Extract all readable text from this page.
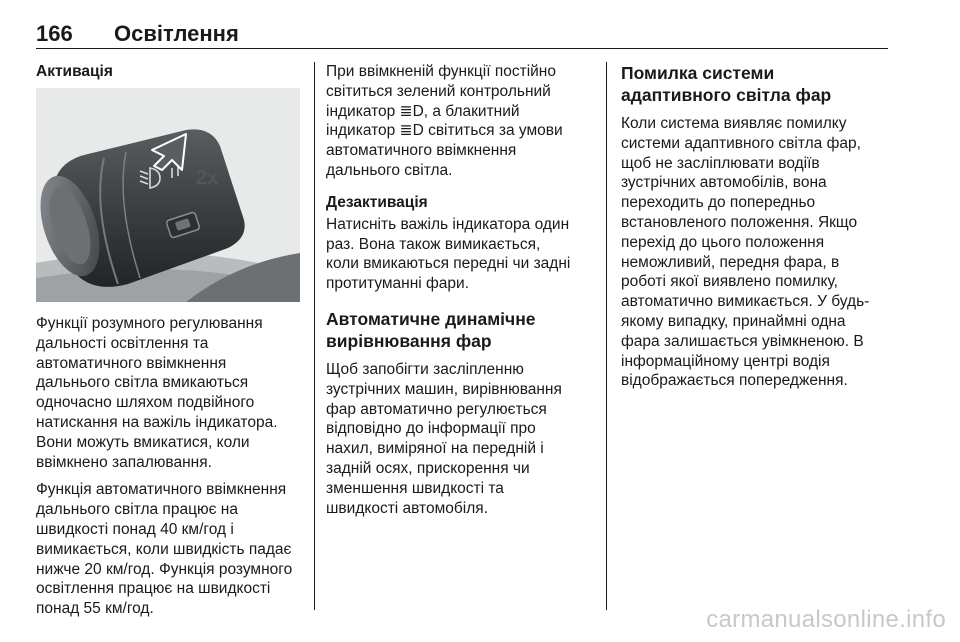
166 Освітлення
Активація
2x

Функції розумного регулювання дальності освітлення та автоматичного ввімкнення дальнього світла вмикаються одночасно шляхом подвійного натискання на важіль індикатора. Вони можуть вмикатися, коли ввімкнено запалювання.

Функція автоматичного ввімкнення дальнього світла працює на швидкості понад 40 км/год і вимикається, коли швидкість падає нижче 20 км/год. Функція розумного освітлення працює на швидкості понад 55 км/год.

При ввімкненій функції постійно світиться зелений контрольний індикатор ≣D, а блакитний індикатор ≣D світиться за умови автоматичного ввімкнення дальнього світла.

Дезактивація

Натисніть важіль індикатора один раз. Вона також вимикається, коли вмикаються передні чи задні протитуманні фари.

Автоматичне динамічне вирівнювання фар

Щоб запобігти засліпленню зустрічних машин, вирівнювання фар автоматично регулюється відповідно до інформації про нахил, виміряної на передній і задній осях, прискорення чи зменшення швидкості та швидкості автомобіля.

Помилка системи адаптивного світла фар

Коли система виявляє помилку системи адаптивного світла фар, щоб не засліплювати водіїв зустрічних автомобілів, вона переходить до попередньо встановленого положення. Якщо перехід до цього положення неможливий, передня фара, в роботі якої виявлено помилку, автоматично вимикається. У будь-якому випадку, принаймні одна фара залишається увімкненою. В інформаційному центрі водія відображається попередження.

carmanualsonline.info
